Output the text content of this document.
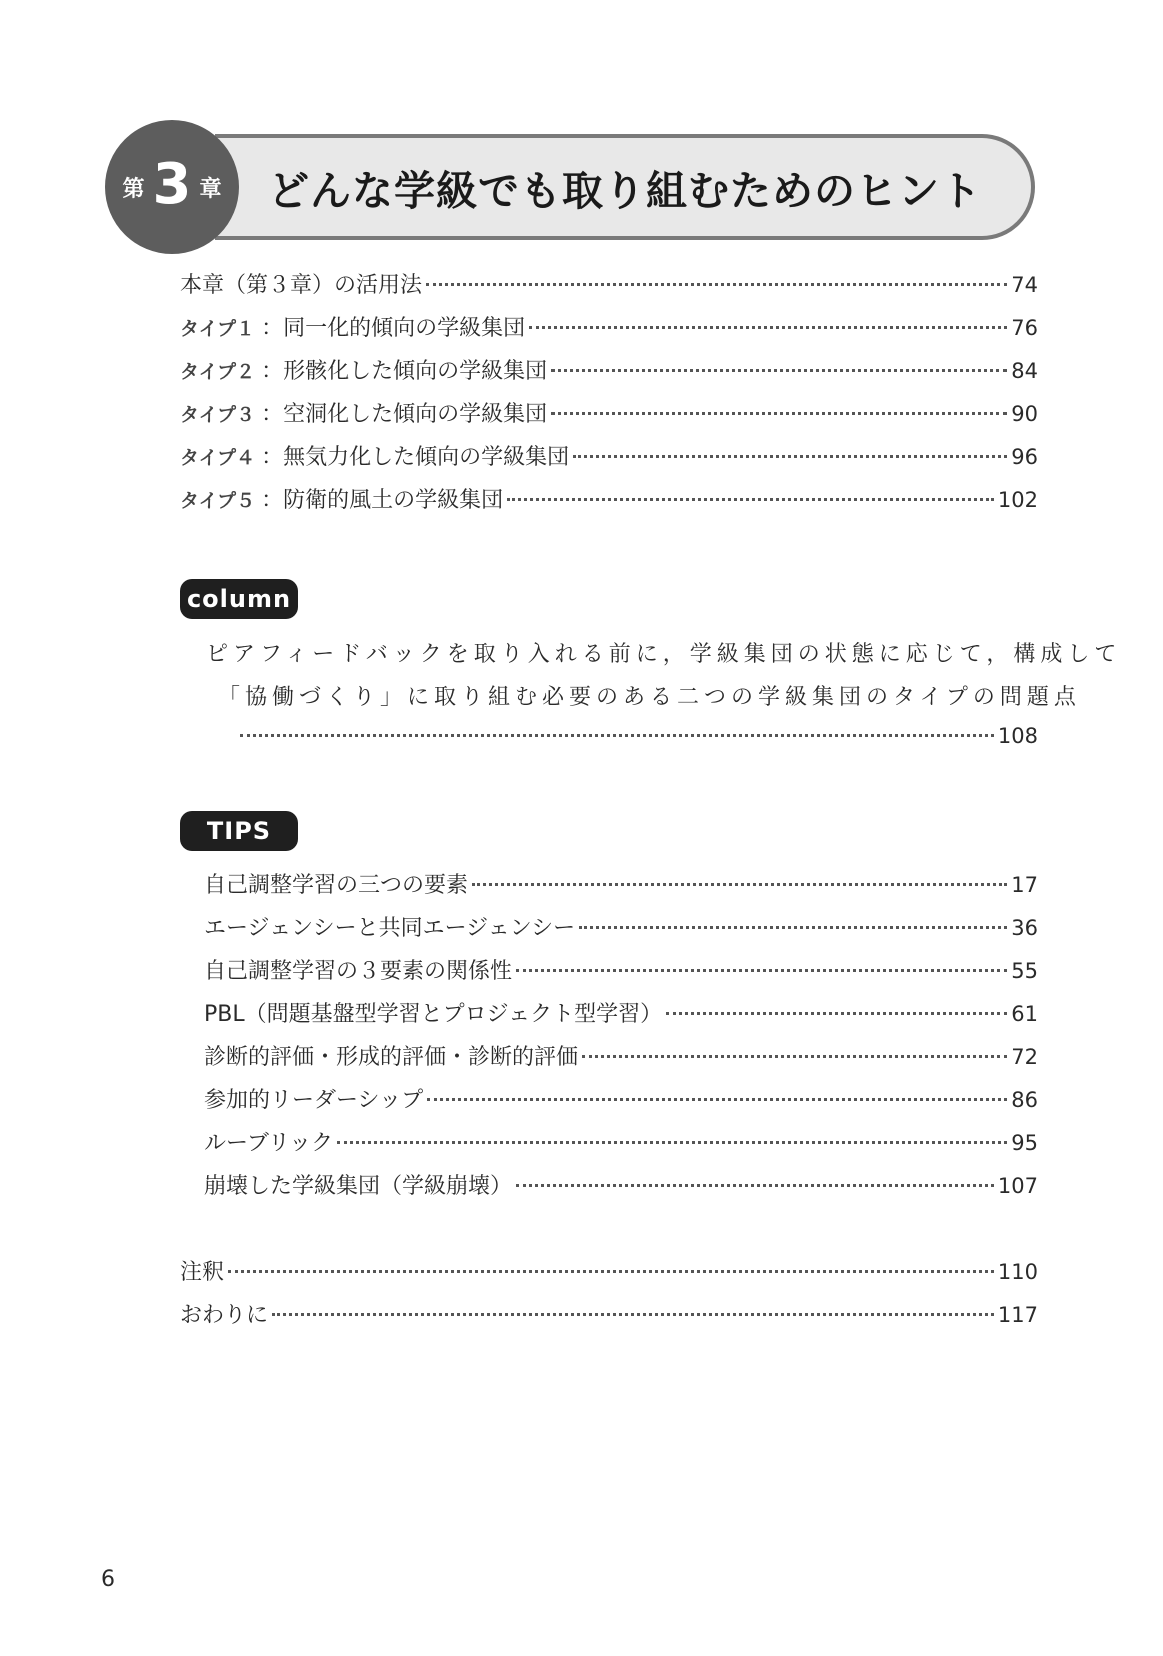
どんな学級でも取り組むためのヒント
第 3 章
本章（第３章）の活用法	74
タイプ１ ：同一化的傾向の学級集団	76
タイプ２ ：形骸化した傾向の学級集団	84
タイプ３ ：空洞化した傾向の学級集団	90
タイプ４ ：無気力化した傾向の学級集団	96
タイプ５ ：防衛的風土の学級集団	102
column
ピアフィードバックを取り入れる前に，学級集団の状態に応じて，構成して
「協働づくり」に取り組む必要のある二つの学級集団のタイプの問題点
108
TIPS
自己調整学習の三つの要素	17
エージェンシーと共同エージェンシー	36
自己調整学習の３要素の関係性	55
PBL（問題基盤型学習とプロジェクト型学習）	61
診断的評価・形成的評価・診断的評価	72
参加的リーダーシップ	86
ルーブリック	95
崩壊した学級集団（学級崩壊）	107
注釈	110
おわりに	117
6
